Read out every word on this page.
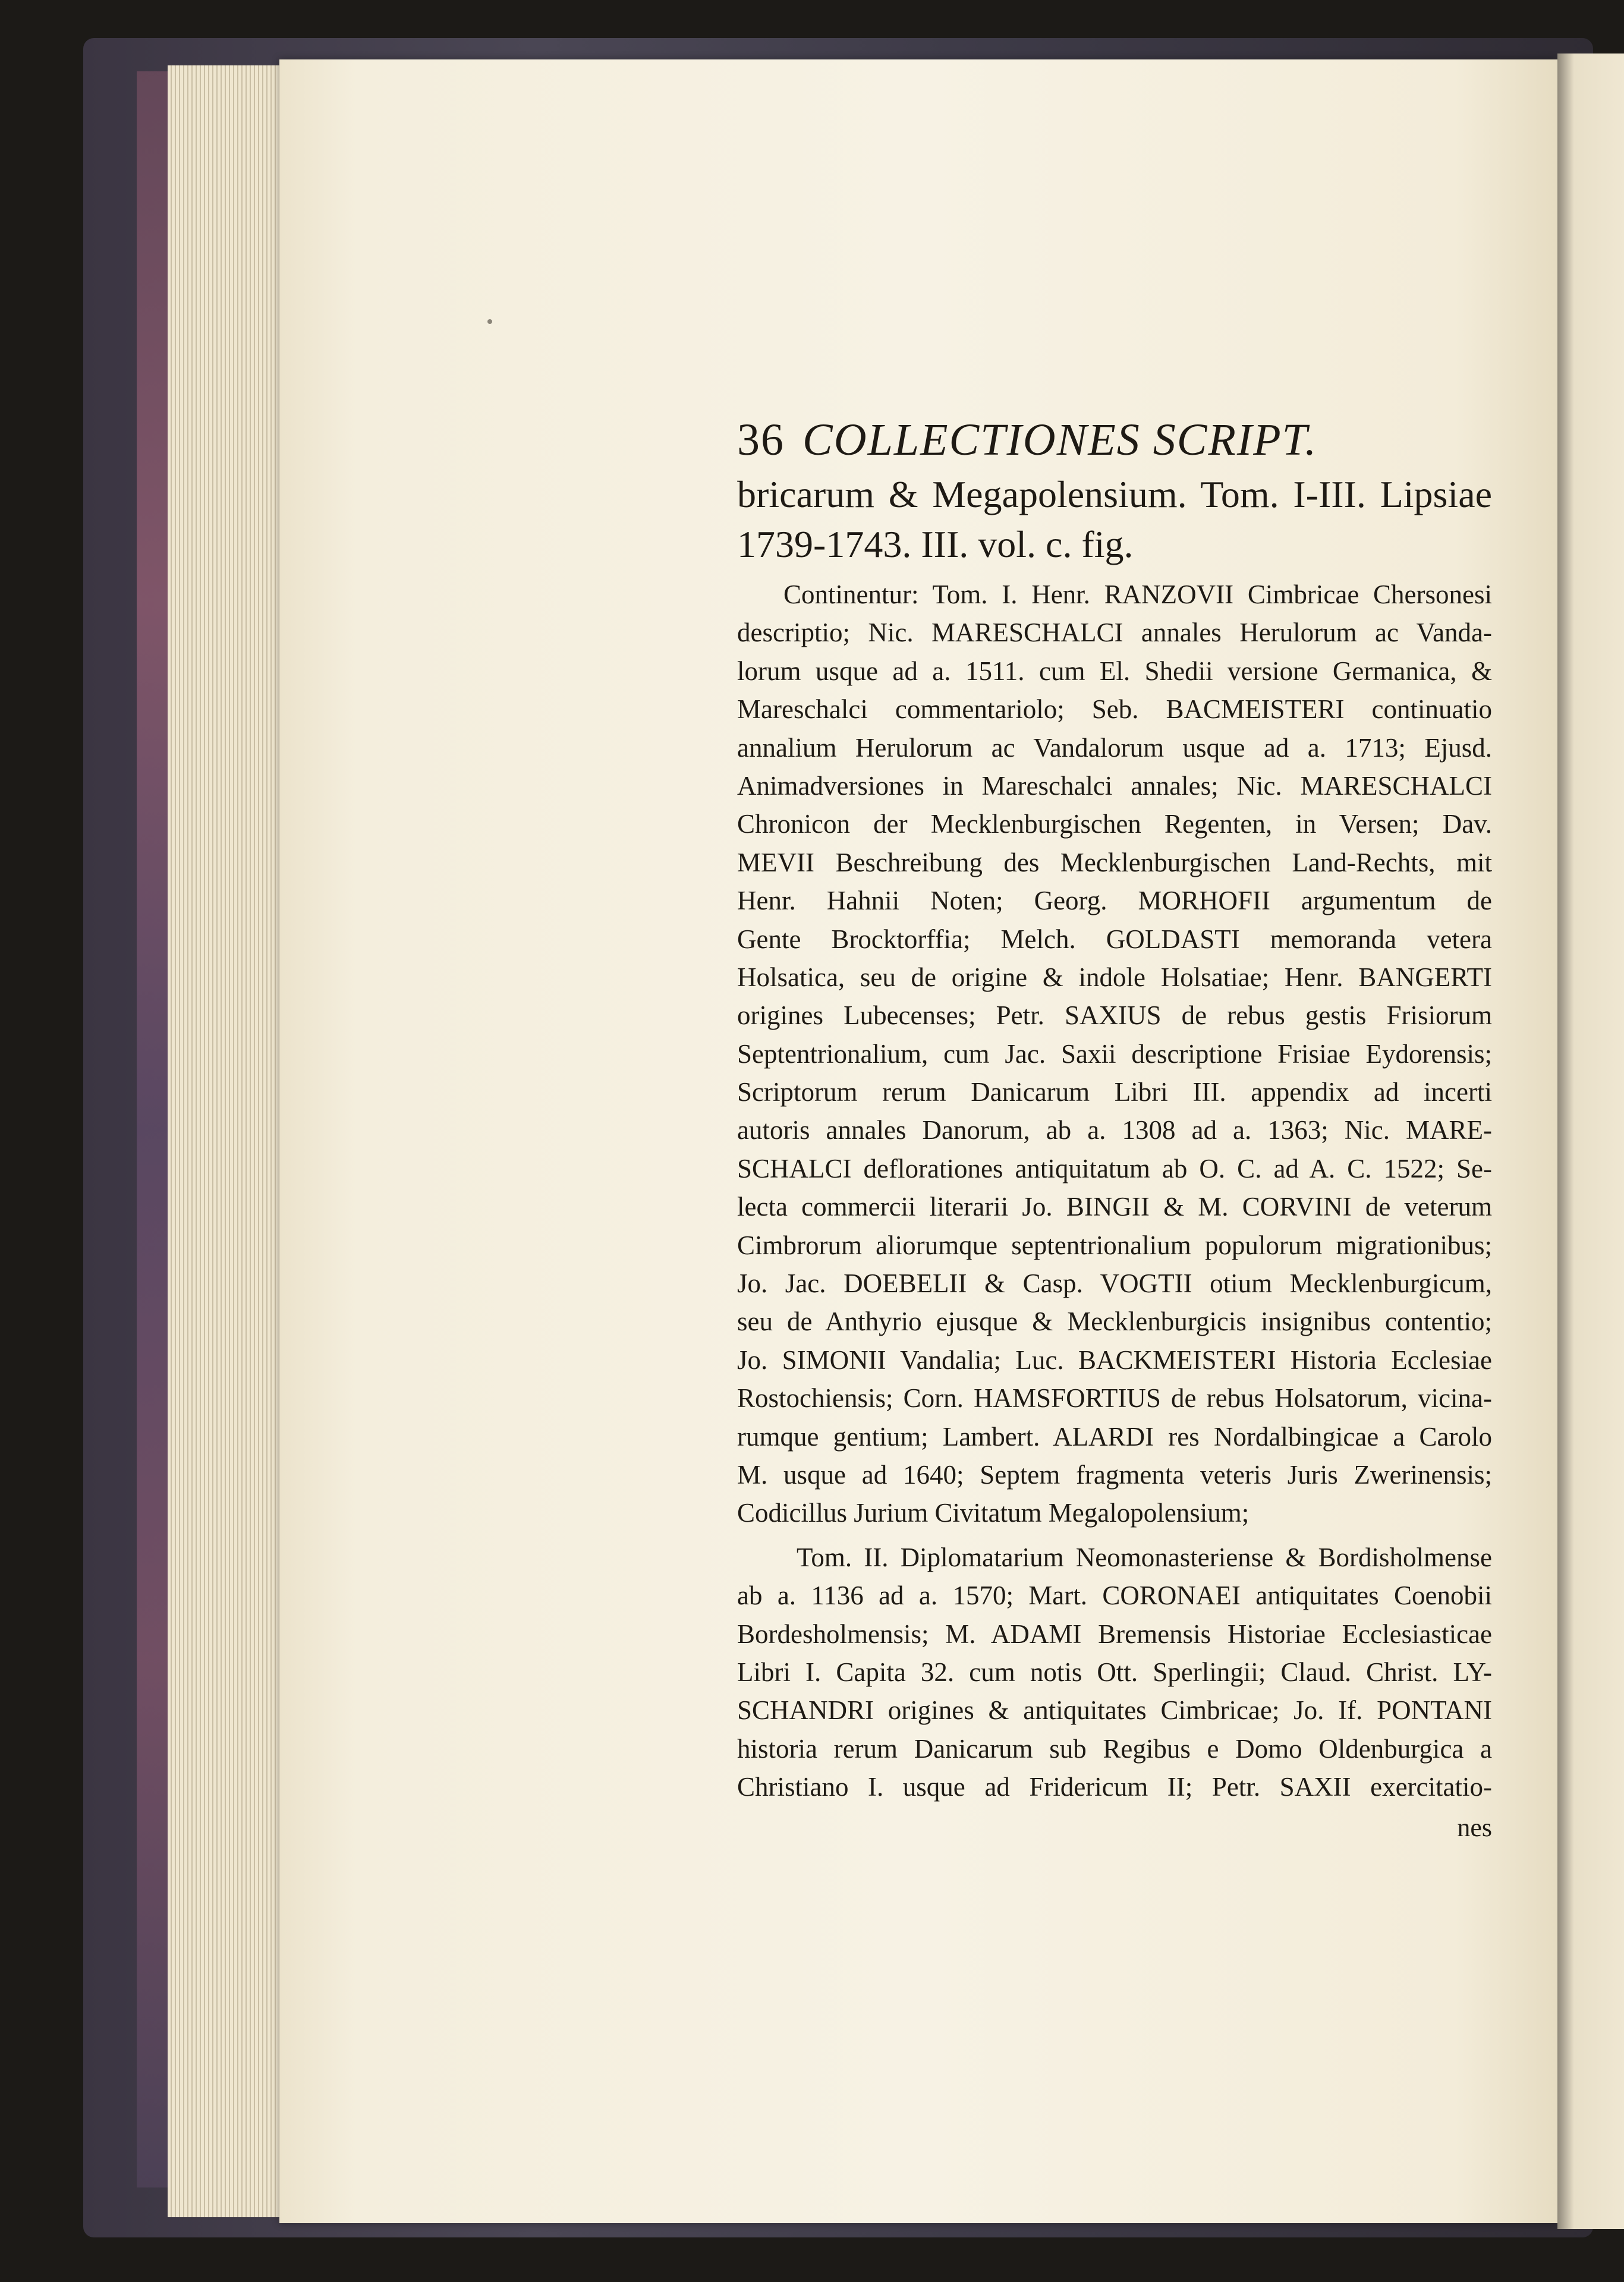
36 COLLECTIONES SCRIPT.
bricarum & Megapolensium. Tom. I-III. Lipsiae
1739-1743. III. vol. c. fig.
Continentur: Tom. I. Henr. RANZOVII Cimbricae Chersonesi
descriptio; Nic. MARESCHALCI annales Herulorum ac Vanda-
lorum usque ad a. 1511. cum El. Shedii versione Germanica, &
Mareschalci commentariolo; Seb. BACMEISTERI continuatio
annalium Herulorum ac Vandalorum usque ad a. 1713; Ejusd.
Animadversiones in Mareschalci annales; Nic. MARESCHALCI
Chronicon der Mecklenburgischen Regenten, in Versen; Dav.
MEVII Beschreibung des Mecklenburgischen Land-Rechts, mit
Henr. Hahnii Noten; Georg. MORHOFII argumentum de
Gente Brocktorffia; Melch. GOLDASTI memoranda vetera
Holsatica, seu de origine & indole Holsatiae; Henr. BANGERTI
origines Lubecenses; Petr. SAXIUS de rebus gestis Frisiorum
Septentrionalium, cum Jac. Saxii descriptione Frisiae Eydorensis;
Scriptorum rerum Danicarum Libri III. appendix ad incerti
autoris annales Danorum, ab a. 1308 ad a. 1363; Nic. MARE-
SCHALCI deflorationes antiquitatum ab O. C. ad A. C. 1522; Se-
lecta commercii literarii Jo. BINGII & M. CORVINI de veterum
Cimbrorum aliorumque septentrionalium populorum migrationibus;
Jo. Jac. DOEBELII & Casp. VOGTII otium Mecklenburgicum,
seu de Anthyrio ejusque & Mecklenburgicis insignibus contentio;
Jo. SIMONII Vandalia; Luc. BACKMEISTERI Historia Ecclesiae
Rostochiensis; Corn. HAMSFORTIUS de rebus Holsatorum, vicina-
rumque gentium; Lambert. ALARDI res Nordalbingicae a Carolo
M. usque ad 1640; Septem fragmenta veteris Juris Zwerinensis;
Codicillus Jurium Civitatum Megalopolensium;
Tom. II. Diplomatarium Neomonasteriense & Bordisholmense
ab a. 1136 ad a. 1570; Mart. CORONAEI antiquitates Coenobii
Bordesholmensis; M. ADAMI Bremensis Historiae Ecclesiasticae
Libri I. Capita 32. cum notis Ott. Sperlingii; Claud. Christ. LY-
SCHANDRI origines & antiquitates Cimbricae; Jo. If. PONTANI
historia rerum Danicarum sub Regibus e Domo Oldenburgica a
Christiano I. usque ad Fridericum II; Petr. SAXII exercitatio-
nes
